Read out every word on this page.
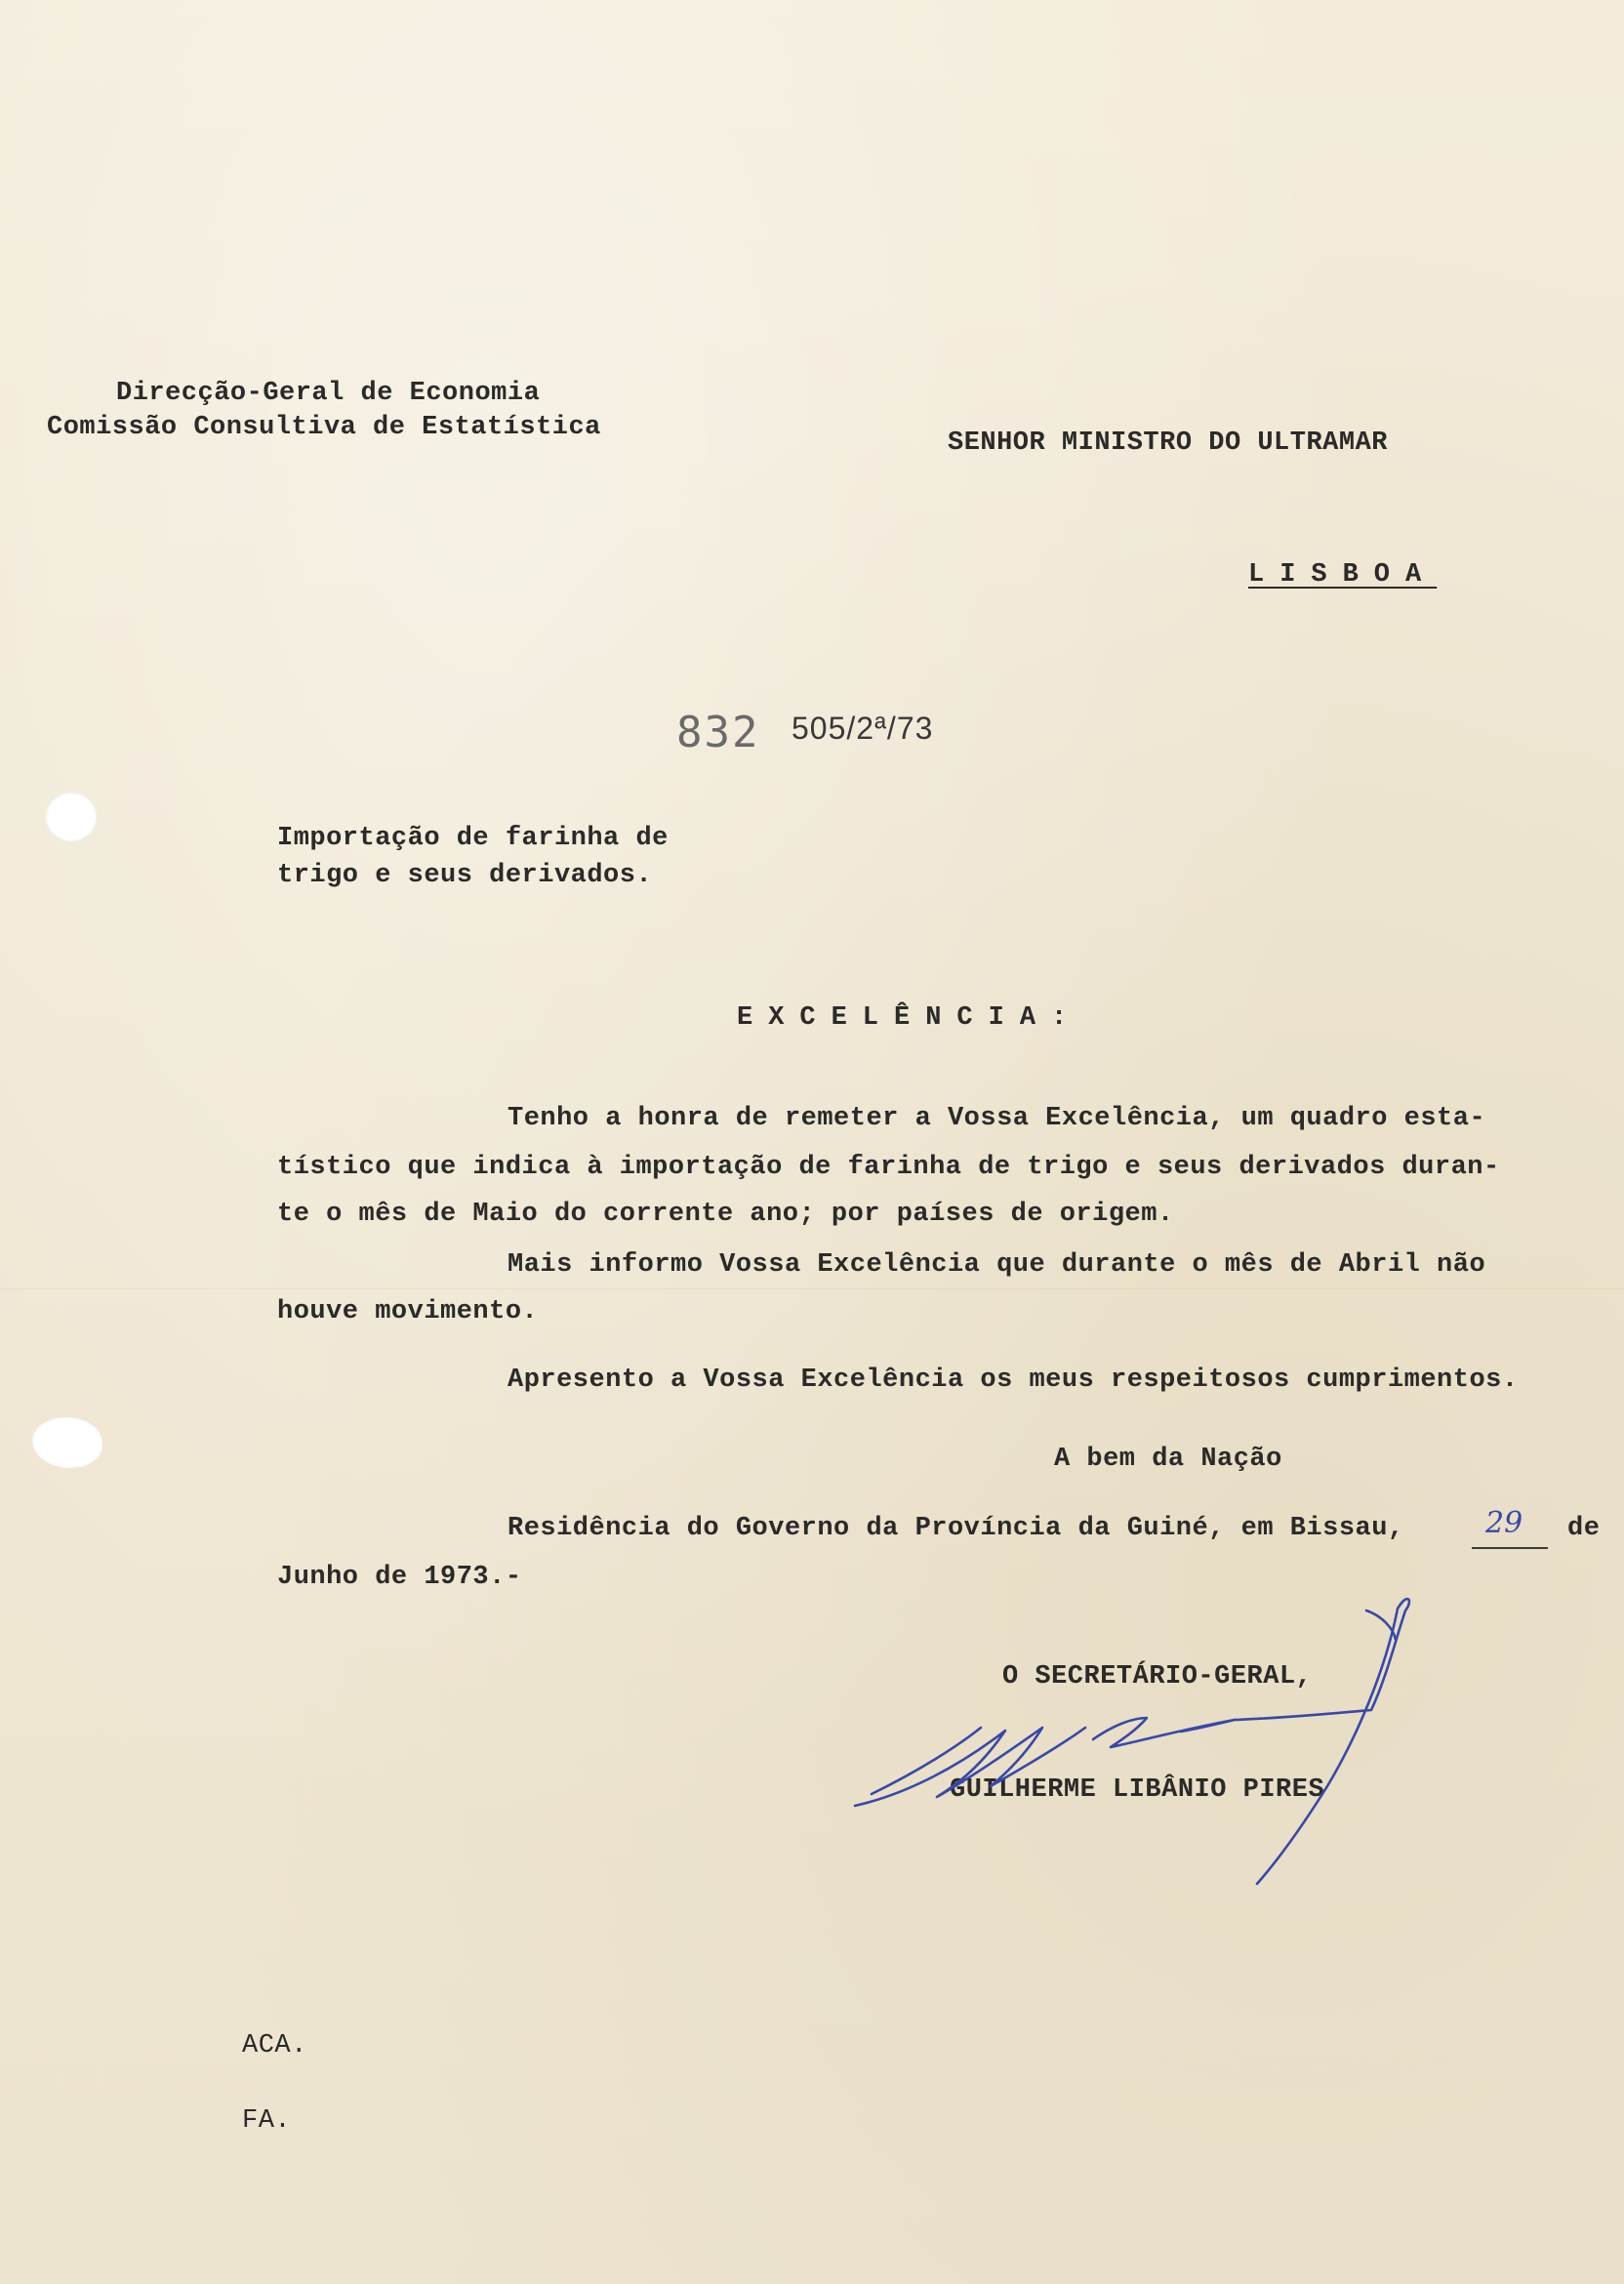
Direcção-Geral de Economia
Comissão Consultiva de Estatística
SENHOR MINISTRO DO ULTRAMAR
LISBOA
832 505/2ª/73
Importação de farinha de
trigo e seus derivados.
EXCELÊNCIA:
Tenho a honra de remeter a Vossa Excelência, um quadro esta-
tístico que indica à importação de farinha de trigo e seus derivados duran-
te o mês de Maio do corrente ano; por países de origem.
Mais informo Vossa Excelência que durante o mês de Abril não
houve movimento.
Apresento a Vossa Excelência os meus respeitosos cumprimentos.
A bem da Nação
Residência do Governo da Província da Guiné, em Bissau,	29 de
Junho de 1973.-
O SECRETÁRIO-GERAL,
GUILHERME LIBÂNIO PIRES
ACA.
FA.
